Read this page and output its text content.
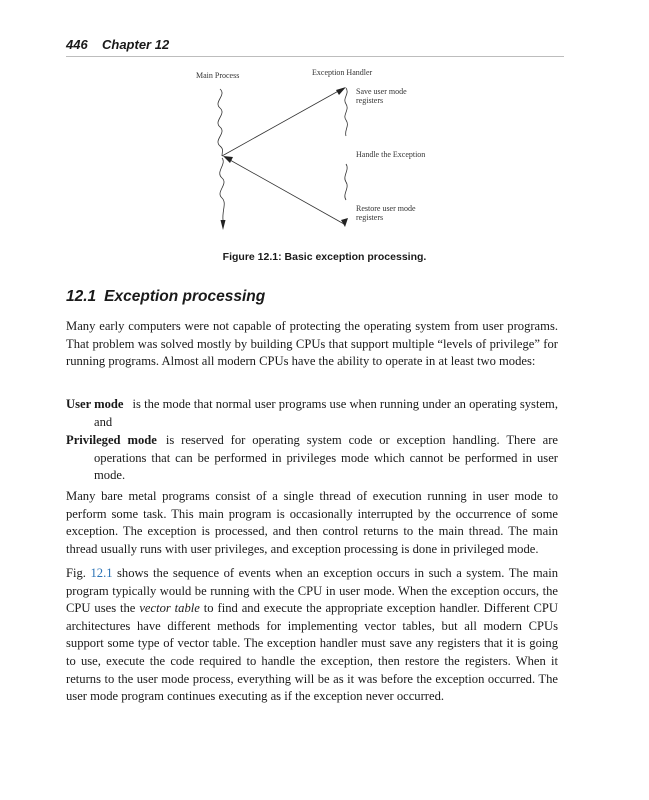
446 Chapter 12
Main Process	Exception Handler
Save user mode
registers
Handle the Exception
Restore user mode
registers
Figure 12.1: Basic exception processing.
12.1 Exception processing

Many early computers were not capable of protecting the operating system from user programs. That problem was solved mostly by building CPUs that support multiple “levels of privilege” for running programs. Almost all modern CPUs have the ability to operate in at least two modes:

User mode is the mode that normal user programs use when running under an operating system, and

Privileged mode is reserved for operating system code or exception handling. There are operations that can be performed in privileges mode which cannot be performed in user mode.

Many bare metal programs consist of a single thread of execution running in user mode to perform some task. This main program is occasionally interrupted by the occurrence of some exception. The exception is processed, and then control returns to the main thread. The main thread usually runs with user privileges, and exception processing is done in privileged mode.

Fig. 12.1 shows the sequence of events when an exception occurs in such a system. The main program typically would be running with the CPU in user mode. When the exception occurs, the CPU uses the vector table to find and execute the appropriate exception handler. Different CPU architectures have different methods for implementing vector tables, but all modern CPUs support some type of vector table. The exception handler must save any registers that it is going to use, execute the code required to handle the exception, then restore the registers. When it returns to the user mode process, everything will be as it was before the exception occurred. The user mode program continues executing as if the exception never occurred.
